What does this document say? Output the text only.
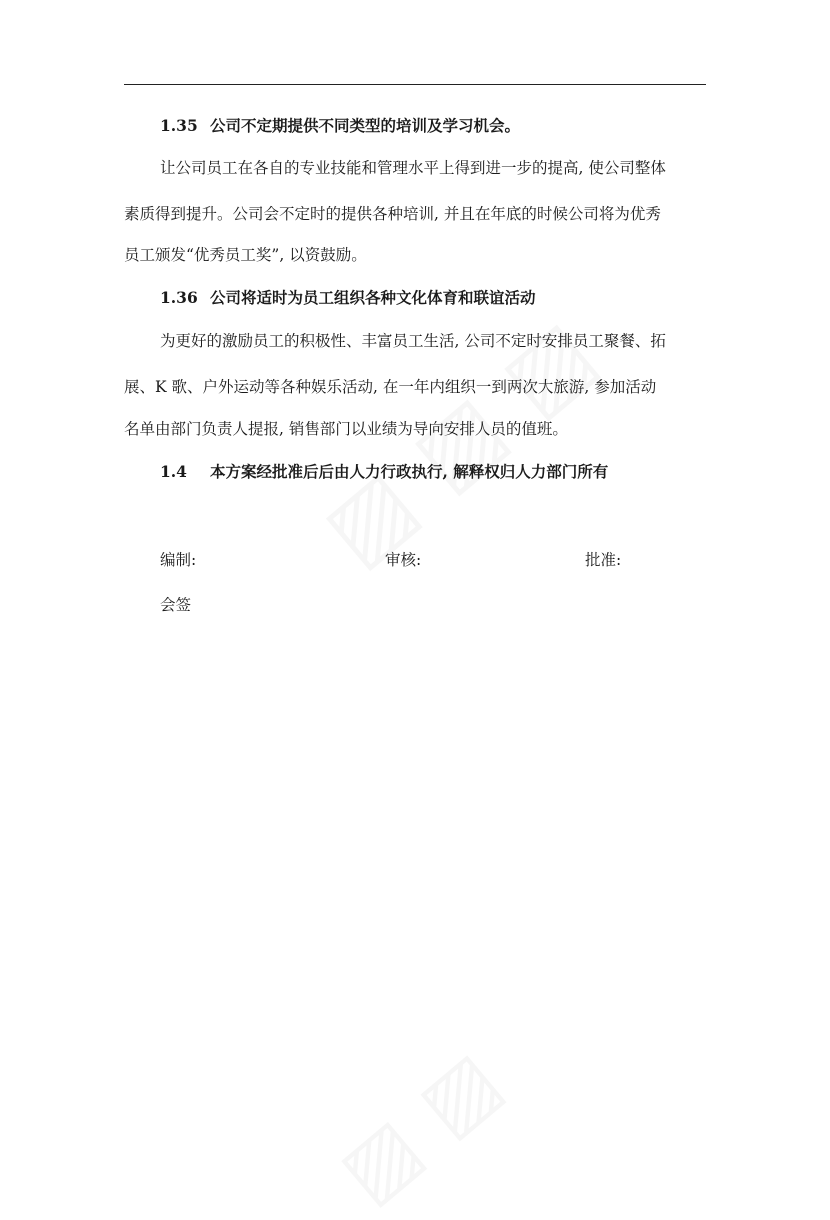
1.35 公司不定期提供不同类型的培训及学习机会。
让公司员工在各自的专业技能和管理水平上得到进一步的提高, 使公司整体
素质得到提升。公司会不定时的提供各种培训, 并且在年底的时候公司将为优秀
员工颁发“优秀员工奖”, 以资鼓励。
1.36 公司将适时为员工组织各种文化体育和联谊活动
为更好的激励员工的积极性、丰富员工生活, 公司不定时安排员工聚餐、拓
展、K 歌、户外运动等各种娱乐活动, 在一年内组织一到两次大旅游, 参加活动
名单由部门负责人提报, 销售部门以业绩为导向安排人员的值班。
1.4 本方案经批准后后由人力行政执行, 解释权归人力部门所有
编制:	审核:	批准:
会签
